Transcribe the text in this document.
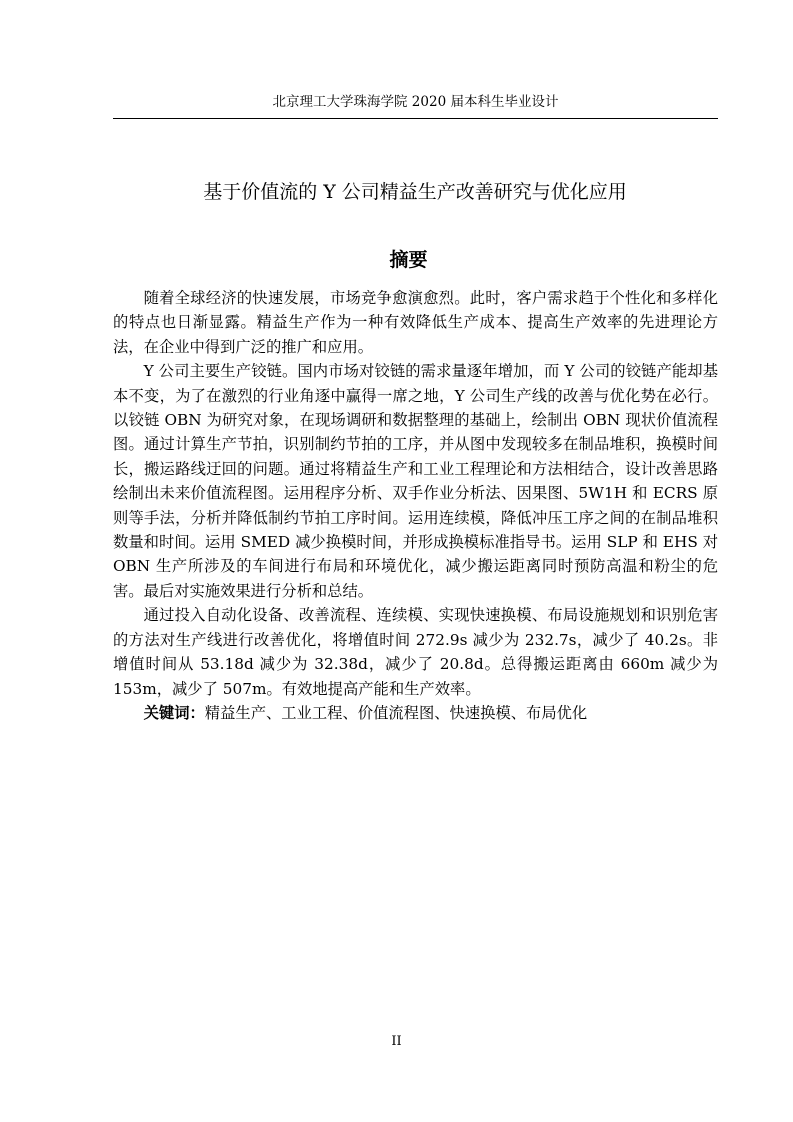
北京理工大学珠海学院 2020 届本科生毕业设计
基于价值流的 Y 公司精益生产改善研究与优化应用
摘要

随着全球经济的快速发展，市场竞争愈演愈烈。此时，客户需求趋于个性化和多样化的特点也日渐显露。精益生产作为一种有效降低生产成本、提高生产效率的先进理论方法，在企业中得到广泛的推广和应用。

Y 公司主要生产铰链。国内市场对铰链的需求量逐年增加，而 Y 公司的铰链产能却基本不变，为了在激烈的行业角逐中赢得一席之地，Y 公司生产线的改善与优化势在必行。以铰链 OBN 为研究对象，在现场调研和数据整理的基础上，绘制出 OBN 现状价值流程图。通过计算生产节拍，识别制约节拍的工序，并从图中发现较多在制品堆积，换模时间长，搬运路线迂回的问题。通过将精益生产和工业工程理论和方法相结合，设计改善思路绘制出未来价值流程图。运用程序分析、双手作业分析法、因果图、5W1H 和 ECRS 原则等手法，分析并降低制约节拍工序时间。运用连续模，降低冲压工序之间的在制品堆积数量和时间。运用 SMED 减少换模时间，并形成换模标准指导书。运用 SLP 和 EHS 对 OBN 生产所涉及的车间进行布局和环境优化，减少搬运距离同时预防高温和粉尘的危害。最后对实施效果进行分析和总结。

通过投入自动化设备、改善流程、连续模、实现快速换模、布局设施规划和识别危害的方法对生产线进行改善优化，将增值时间 272.9s 减少为 232.7s，减少了 40.2s。非增值时间从 53.18d 减少为 32.38d，减少了 20.8d。总得搬运距离由 660m 减少为 153m，减少了 507m。有效地提高产能和生产效率。

关键词：精益生产、工业工程、价值流程图、快速换模、布局优化

II
